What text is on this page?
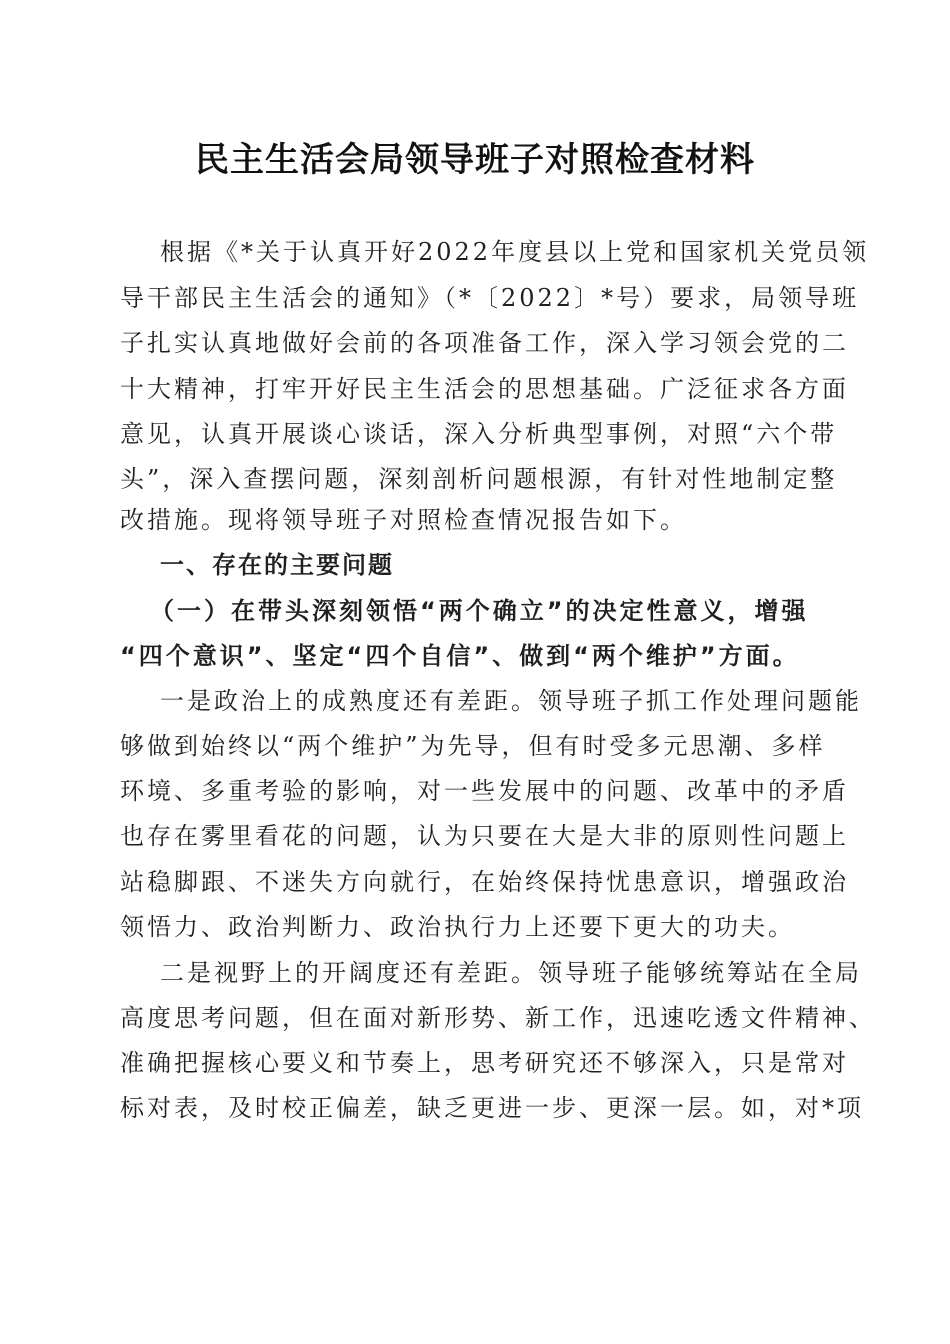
民主生活会局领导班子对照检查材料
根据《*关于认真开好2022年度县以上党和国家机关党员领
导干部民主生活会的通知》（*〔2022〕*号）要求，局领导班
子扎实认真地做好会前的各项准备工作，深入学习领会党的二
十大精神，打牢开好民主生活会的思想基础。广泛征求各方面
意见，认真开展谈心谈话，深入分析典型事例，对照“六个带
头”，深入查摆问题，深刻剖析问题根源，有针对性地制定整
改措施。现将领导班子对照检查情况报告如下。
一、存在的主要问题
（一）在带头深刻领悟“两个确立”的决定性意义，增强
“四个意识”、坚定“四个自信”、做到“两个维护”方面。
一是政治上的成熟度还有差距。领导班子抓工作处理问题能
够做到始终以“两个维护”为先导，但有时受多元思潮、多样
环境、多重考验的影响，对一些发展中的问题、改革中的矛盾
也存在雾里看花的问题，认为只要在大是大非的原则性问题上
站稳脚跟、不迷失方向就行，在始终保持忧患意识，增强政治
领悟力、政治判断力、政治执行力上还要下更大的功夫。
二是视野上的开阔度还有差距。领导班子能够统筹站在全局
高度思考问题，但在面对新形势、新工作，迅速吃透文件精神、
准确把握核心要义和节奏上，思考研究还不够深入，只是常对
标对表，及时校正偏差，缺乏更进一步、更深一层。如，对*项
